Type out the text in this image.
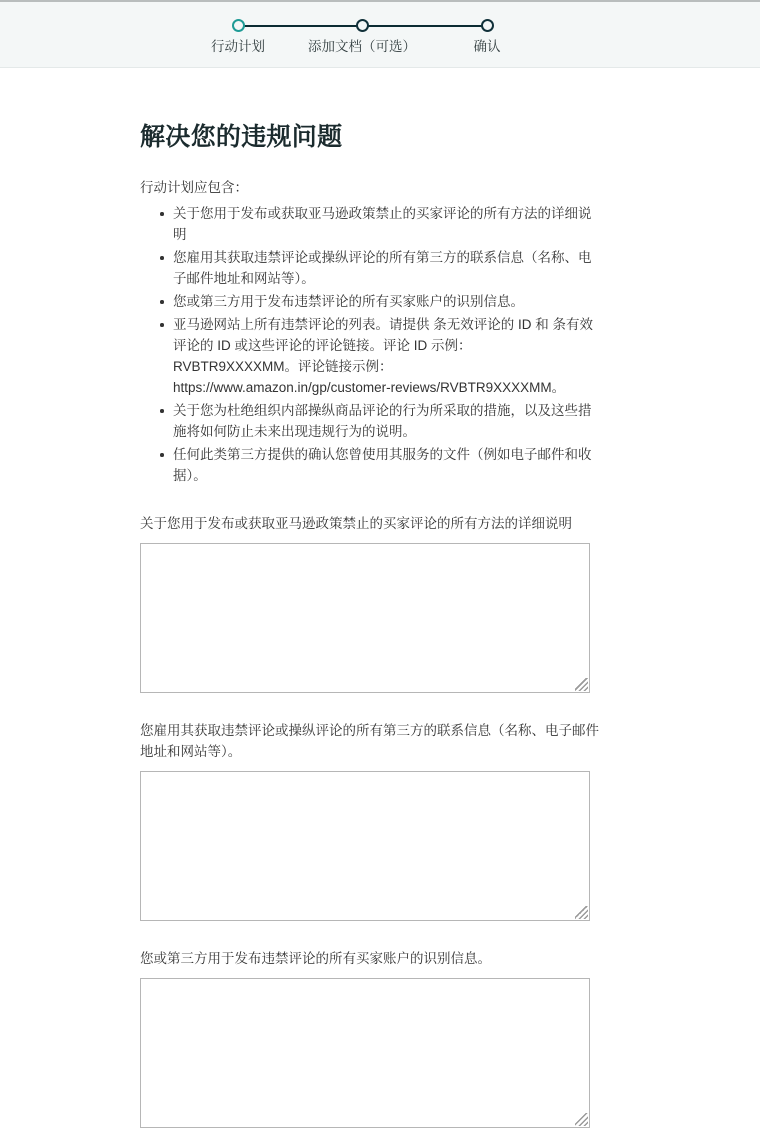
行动计划	添加文档（可选）	确认
解决您的违规问题

行动计划应包含：

关于您用于发布或获取亚马逊政策禁止的买家评论的所有方法的详细说明
您雇用其获取违禁评论或操纵评论的所有第三方的联系信息（名称、电子邮件地址和网站等）。
您或第三方用于发布违禁评论的所有买家账户的识别信息。
亚马逊网站上所有违禁评论的列表。请提供 条无效评论的 ID 和 条有效评论的 ID 或这些评论的评论链接。评论 ID 示例： RVBTR9XXXXMM。评论链接示例：https://www.amazon.in/gp/customer-reviews/RVBTR9XXXXMM。
关于您为杜绝组织内部操纵商品评论的行为所采取的措施，以及这些措施将如何防止未来出现违规行为的说明。
任何此类第三方提供的确认您曾使用其服务的文件（例如电子邮件和收据）。
关于您用于发布或获取亚马逊政策禁止的买家评论的所有方法的详细说明
您雇用其获取违禁评论或操纵评论的所有第三方的联系信息（名称、电子邮件地址和网站等）。
您或第三方用于发布违禁评论的所有买家账户的识别信息。
